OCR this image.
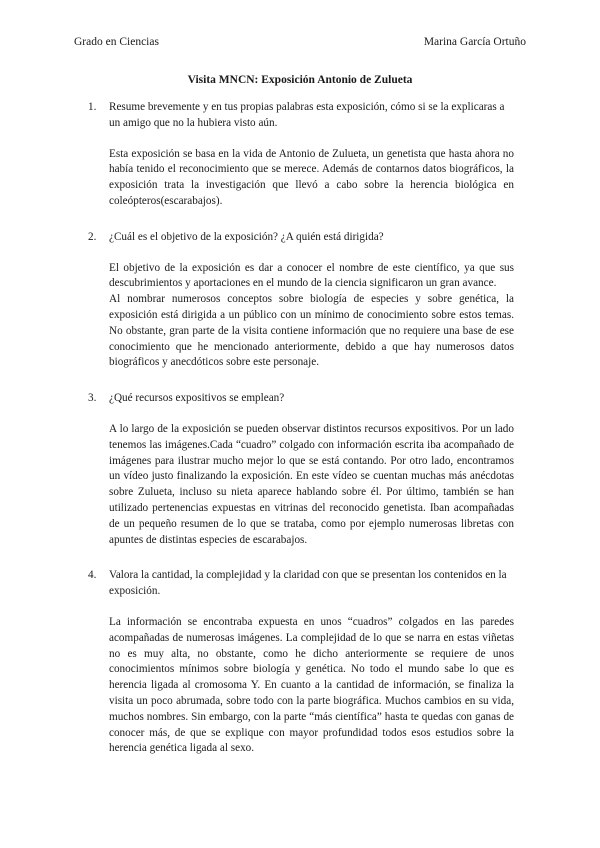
Grado en Ciencias	Marina García Ortuño
Visita MNCN: Exposición Antonio de Zulueta
1.	Resume brevemente y en tus propias palabras esta exposición, cómo si se la explicaras a un amigo que no la hubiera visto aún.

Esta exposición se basa en la vida de Antonio de Zulueta, un genetista que hasta ahora no había tenido el reconocimiento que se merece. Además de contarnos datos biográficos, la exposición trata la investigación que llevó a cabo sobre la herencia biológica en coleópteros(escarabajos).

2.	¿Cuál es el objetivo de la exposición? ¿A quién está dirigida?

El objetivo de la exposición es dar a conocer el nombre de este científico, ya que sus descubrimientos y aportaciones en el mundo de la ciencia significaron un gran avance.

Al nombrar numerosos conceptos sobre biología de especies y sobre genética, la exposición está dirigida a un público con un mínimo de conocimiento sobre estos temas. No obstante, gran parte de la visita contiene información que no requiere una base de ese conocimiento que he mencionado anteriormente, debido a que hay numerosos datos biográficos y anecdóticos sobre este personaje.

3.	¿Qué recursos expositivos se emplean?

A lo largo de la exposición se pueden observar distintos recursos expositivos. Por un lado tenemos las imágenes.Cada “cuadro” colgado con información escrita iba acompañado de imágenes para ilustrar mucho mejor lo que se está contando. Por otro lado, encontramos un vídeo justo finalizando la exposición. En este vídeo se cuentan muchas más anécdotas sobre Zulueta, incluso su nieta aparece hablando sobre él. Por último, también se han utilizado pertenencias expuestas en vitrinas del reconocido genetista. Iban acompañadas de un pequeño resumen de lo que se trataba, como por ejemplo numerosas libretas con apuntes de distintas especies de escarabajos.

4.	Valora la cantidad, la complejidad y la claridad con que se presentan los contenidos en la exposición.

La información se encontraba expuesta en unos “cuadros” colgados en las paredes acompañadas de numerosas imágenes. La complejidad de lo que se narra en estas viñetas no es muy alta, no obstante, como he dicho anteriormente se requiere de unos conocimientos mínimos sobre biología y genética. No todo el mundo sabe lo que es herencia ligada al cromosoma Y. En cuanto a la cantidad de información, se finaliza la visita un poco abrumada, sobre todo con la parte biográfica. Muchos cambios en su vida, muchos nombres. Sin embargo, con la parte “más científica” hasta te quedas con ganas de conocer más, de que se explique con mayor profundidad todos esos estudios sobre la herencia genética ligada al sexo.
